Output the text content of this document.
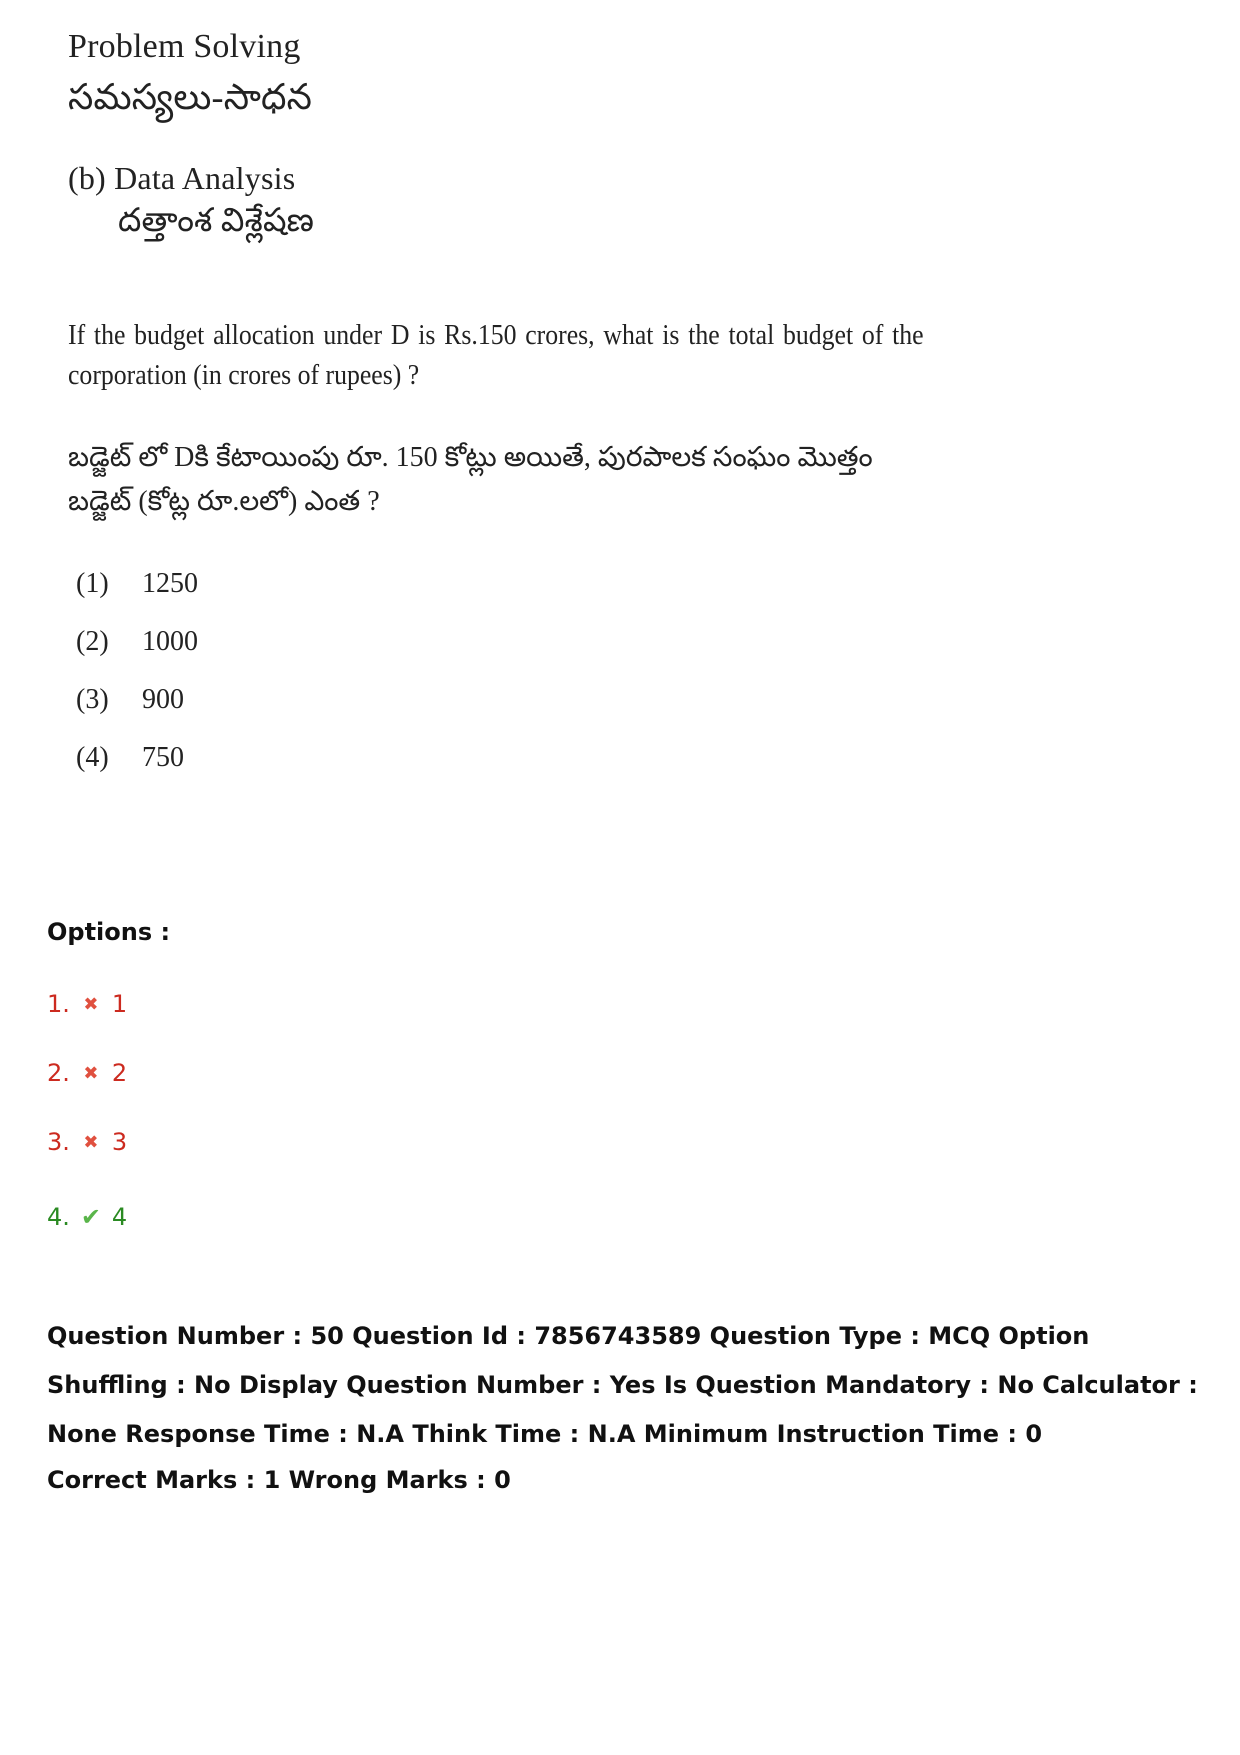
Problem Solving
సమస్యలు-సాధన
(b) Data Analysis
దత్తాంశ విశ్లేషణ
If the budget allocation under D is Rs.150 crores, what is the total budget of the corporation (in crores of rupees) ?
బడ్జెట్ లో Dకి కేటాయింపు రూ. 150 కోట్లు అయితే, పురపాలక సంఘం మొత్తం బడ్జెట్ (కోట్ల రూ.లలో) ఎంత ?
(1) 1250
(2) 1000
(3) 900
(4) 750
Options :
1. ✖ 1
2. ✖ 2
3. ✖ 3
4. ✔ 4
Question Number : 50 Question Id : 7856743589 Question Type : MCQ Option Shuffling : No Display Question Number : Yes Is Question Mandatory : No Calculator : None Response Time : N.A Think Time : N.A Minimum Instruction Time : 0
Correct Marks : 1 Wrong Marks : 0
